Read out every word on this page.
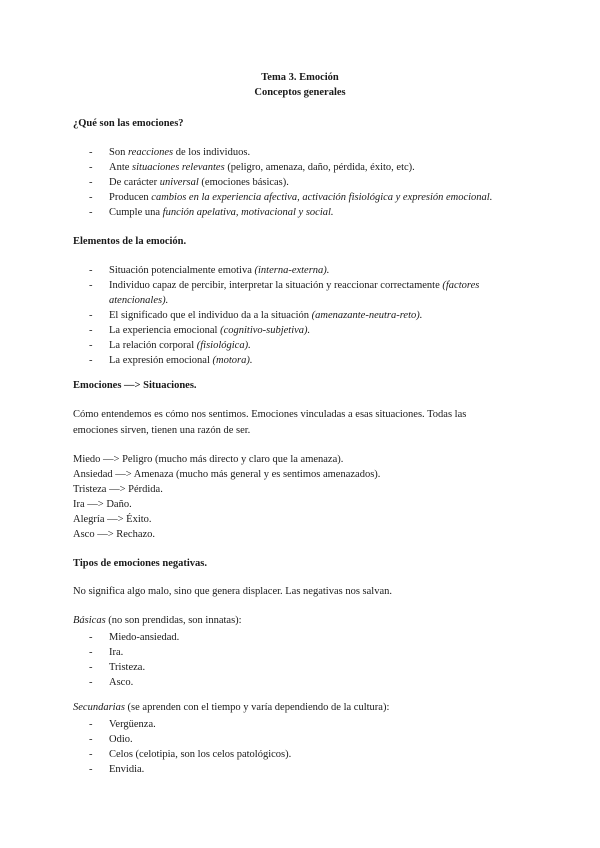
Tema 3. Emoción
Conceptos generales
¿Qué son las emociones?
- Son reacciones de los individuos.
- Ante situaciones relevantes (peligro, amenaza, daño, pérdida, éxito, etc).
- De carácter universal (emociones básicas).
- Producen cambios en la experiencia afectiva, activación fisiológica y expresión emocional.
- Cumple una función apelativa, motivacional y social.
Elementos de la emoción.
- Situación potencialmente emotiva (interna-externa).
- Individuo capaz de percibir, interpretar la situación y reaccionar correctamente (factores atencionales).
- El significado que el individuo da a la situación (amenazante-neutra-reto).
- La experiencia emocional (cognitivo-subjetiva).
- La relación corporal (fisiológica).
- La expresión emocional (motora).
Emociones —> Situaciones.
Cómo entendemos es cómo nos sentimos. Emociones vinculadas a esas situaciones. Todas las
emociones sirven, tienen una razón de ser.
Miedo —> Peligro (mucho más directo y claro que la amenaza).
Ansiedad —> Amenaza (mucho más general y es sentimos amenazados).
Tristeza —> Pérdida.
Ira —> Daño.
Alegría —> Éxito.
Asco —> Rechazo.
Tipos de emociones negativas.
No significa algo malo, sino que genera displacer. Las negativas nos salvan.
Básicas (no son prendidas, son innatas):
- Miedo-ansiedad.
- Ira.
- Tristeza.
- Asco.
Secundarias (se aprenden con el tiempo y varía dependiendo de la cultura):
- Vergüenza.
- Odio.
- Celos (celotipia, son los celos patológicos).
- Envidia.
